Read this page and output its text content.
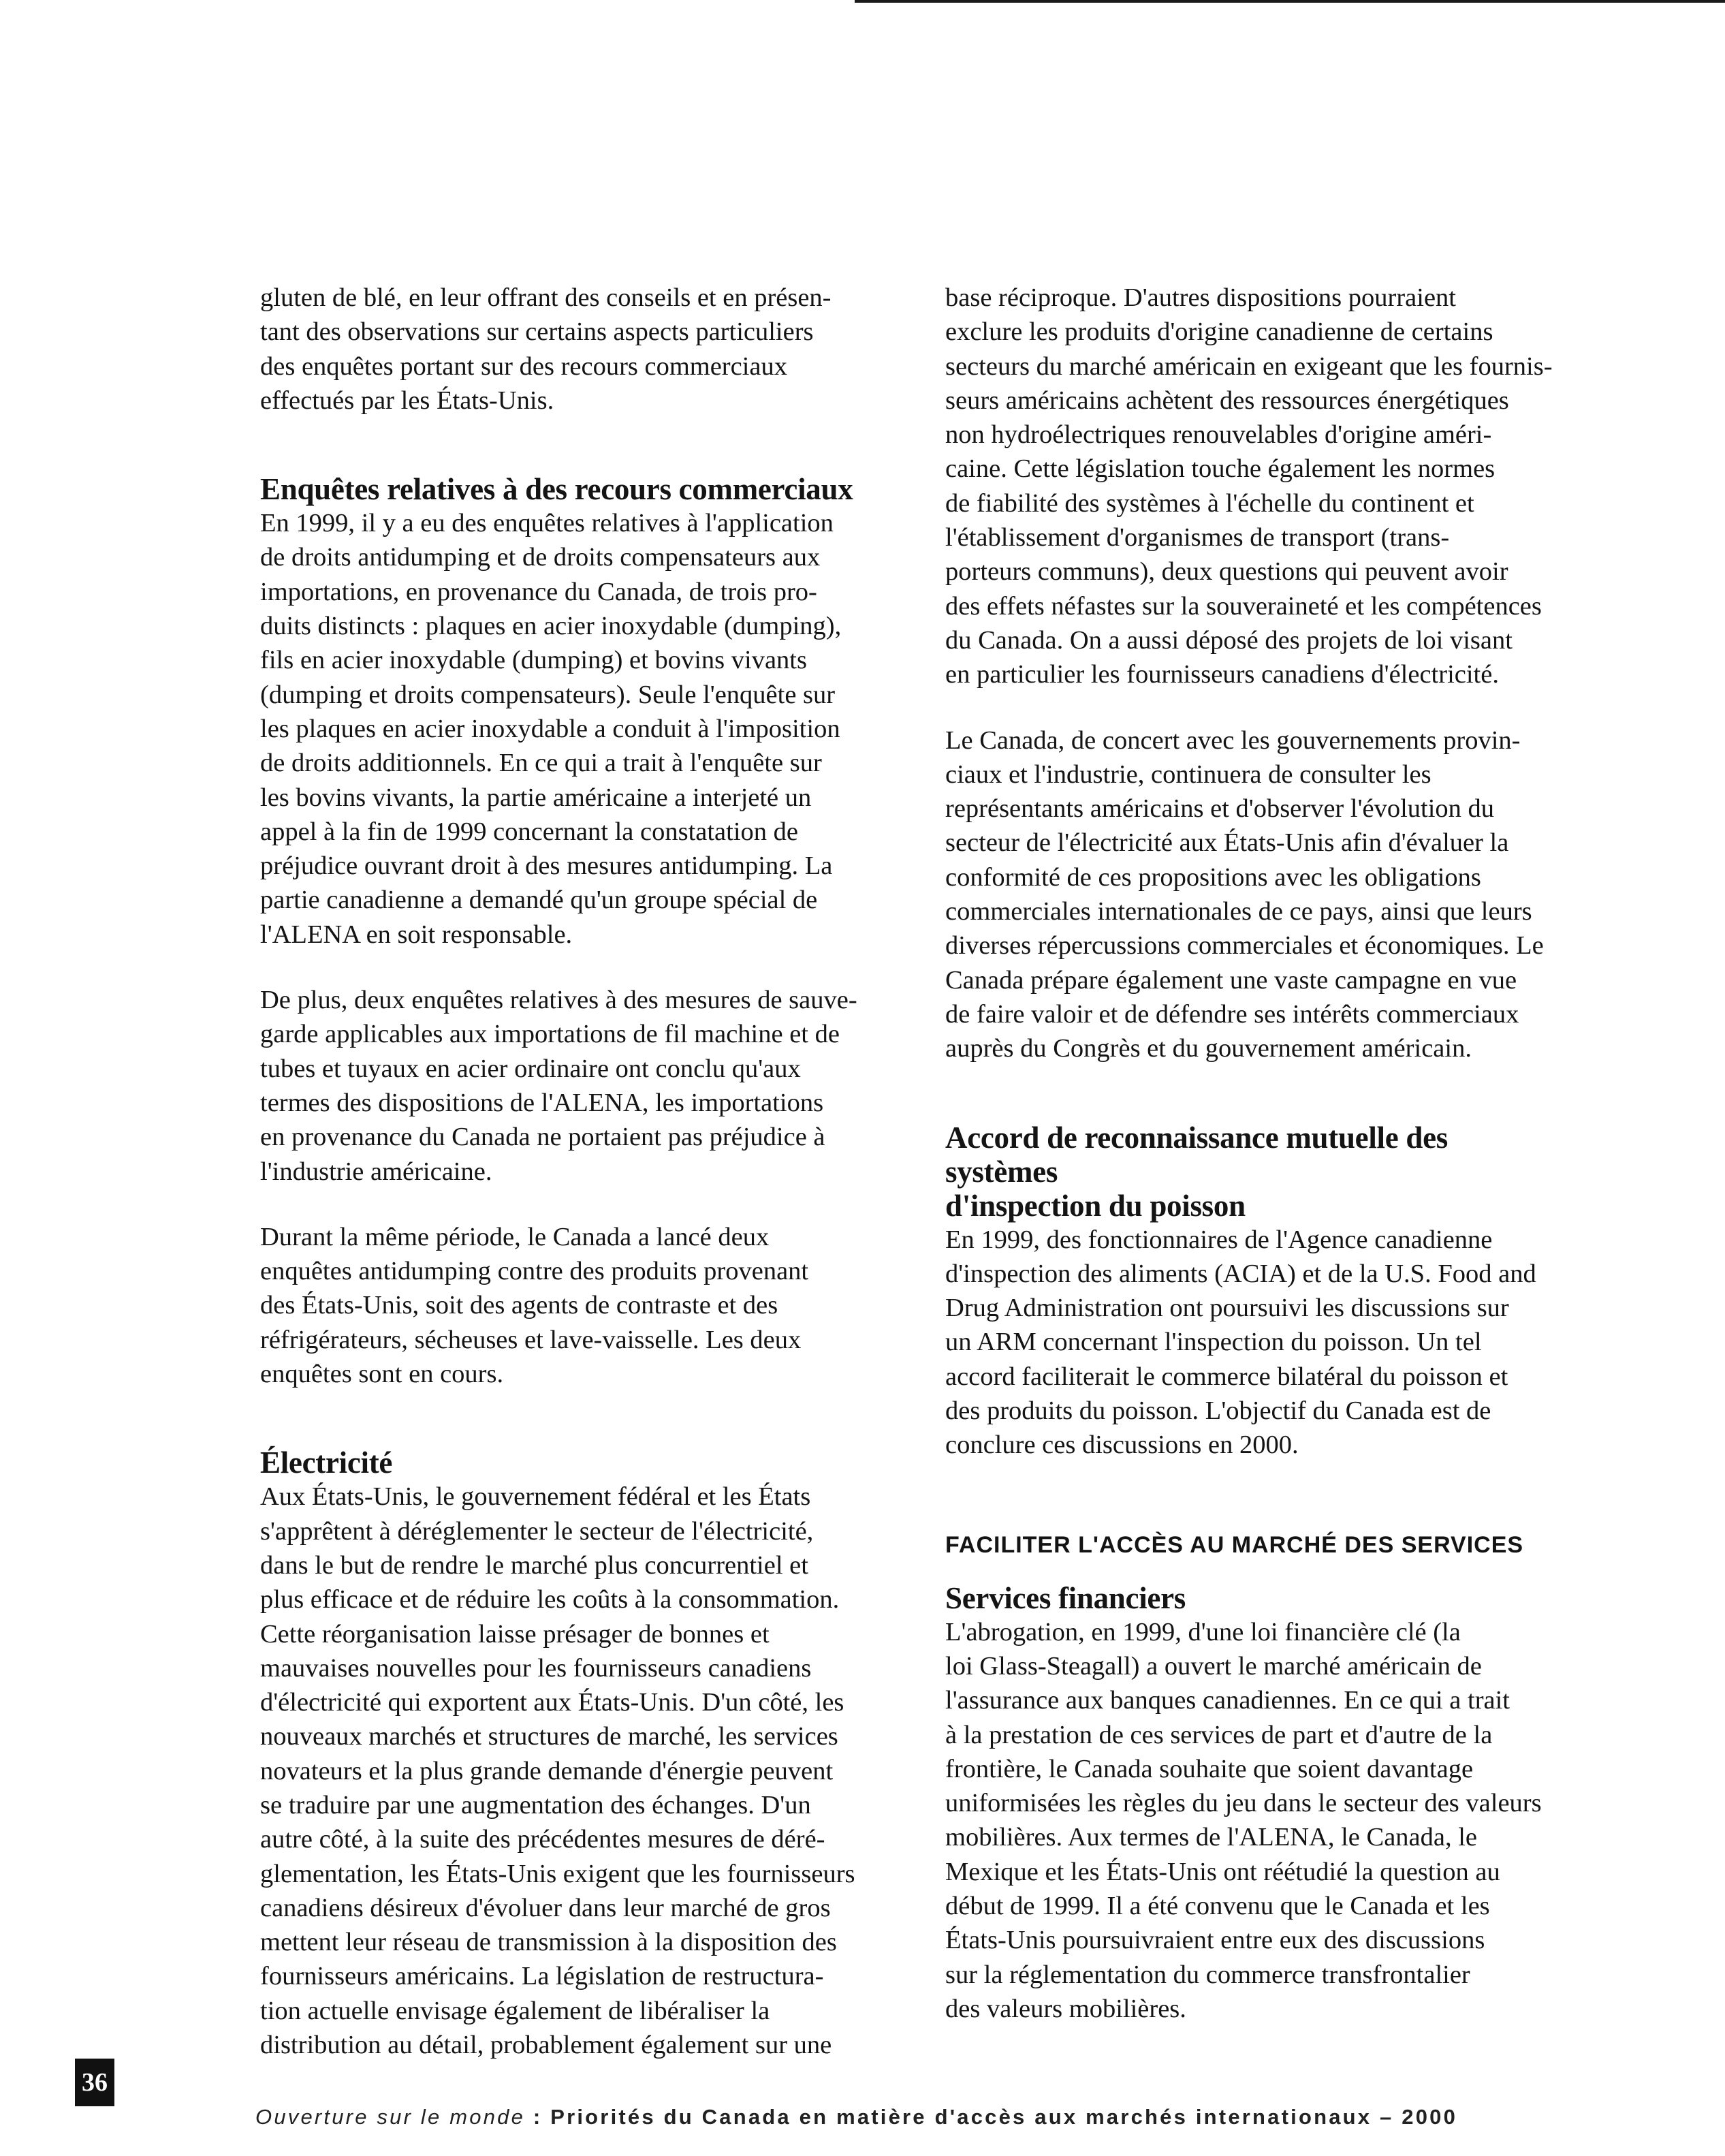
gluten de blé, en leur offrant des conseils et en présen-
tant des observations sur certains aspects particuliers
des enquêtes portant sur des recours commerciaux
effectués par les États-Unis.

Enquêtes relatives à des recours commerciaux

En 1999, il y a eu des enquêtes relatives à l'application
de droits antidumping et de droits compensateurs aux
importations, en provenance du Canada, de trois pro-
duits distincts : plaques en acier inoxydable (dumping),
fils en acier inoxydable (dumping) et bovins vivants
(dumping et droits compensateurs). Seule l'enquête sur
les plaques en acier inoxydable a conduit à l'imposition
de droits additionnels. En ce qui a trait à l'enquête sur
les bovins vivants, la partie américaine a interjeté un
appel à la fin de 1999 concernant la constatation de
préjudice ouvrant droit à des mesures antidumping. La
partie canadienne a demandé qu'un groupe spécial de
l'ALENA en soit responsable.

De plus, deux enquêtes relatives à des mesures de sauve-
garde applicables aux importations de fil machine et de
tubes et tuyaux en acier ordinaire ont conclu qu'aux
termes des dispositions de l'ALENA, les importations
en provenance du Canada ne portaient pas préjudice à
l'industrie américaine.

Durant la même période, le Canada a lancé deux
enquêtes antidumping contre des produits provenant
des États-Unis, soit des agents de contraste et des
réfrigérateurs, sécheuses et lave-vaisselle. Les deux
enquêtes sont en cours.

Électricité

Aux États-Unis, le gouvernement fédéral et les États
s'apprêtent à déréglementer le secteur de l'électricité,
dans le but de rendre le marché plus concurrentiel et
plus efficace et de réduire les coûts à la consommation.
Cette réorganisation laisse présager de bonnes et
mauvaises nouvelles pour les fournisseurs canadiens
d'électricité qui exportent aux États-Unis. D'un côté, les
nouveaux marchés et structures de marché, les services
novateurs et la plus grande demande d'énergie peuvent
se traduire par une augmentation des échanges. D'un
autre côté, à la suite des précédentes mesures de déré-
glementation, les États-Unis exigent que les fournisseurs
canadiens désireux d'évoluer dans leur marché de gros
mettent leur réseau de transmission à la disposition des
fournisseurs américains. La législation de restructura-
tion actuelle envisage également de libéraliser la
distribution au détail, probablement également sur une

base réciproque. D'autres dispositions pourraient
exclure les produits d'origine canadienne de certains
secteurs du marché américain en exigeant que les fournis-
seurs américains achètent des ressources énergétiques
non hydroélectriques renouvelables d'origine améri-
caine. Cette législation touche également les normes
de fiabilité des systèmes à l'échelle du continent et
l'établissement d'organismes de transport (trans-
porteurs communs), deux questions qui peuvent avoir
des effets néfastes sur la souveraineté et les compétences
du Canada. On a aussi déposé des projets de loi visant
en particulier les fournisseurs canadiens d'électricité.

Le Canada, de concert avec les gouvernements provin-
ciaux et l'industrie, continuera de consulter les
représentants américains et d'observer l'évolution du
secteur de l'électricité aux États-Unis afin d'évaluer la
conformité de ces propositions avec les obligations
commerciales internationales de ce pays, ainsi que leurs
diverses répercussions commerciales et économiques. Le
Canada prépare également une vaste campagne en vue
de faire valoir et de défendre ses intérêts commerciaux
auprès du Congrès et du gouvernement américain.

Accord de reconnaissance mutuelle des systèmes
d'inspection du poisson

En 1999, des fonctionnaires de l'Agence canadienne
d'inspection des aliments (ACIA) et de la U.S. Food and
Drug Administration ont poursuivi les discussions sur
un ARM concernant l'inspection du poisson. Un tel
accord faciliterait le commerce bilatéral du poisson et
des produits du poisson. L'objectif du Canada est de
conclure ces discussions en 2000.

FACILITER L'ACCÈS AU MARCHÉ DES SERVICES
Services financiers

L'abrogation, en 1999, d'une loi financière clé (la
loi Glass-Steagall) a ouvert le marché américain de
l'assurance aux banques canadiennes. En ce qui a trait
à la prestation de ces services de part et d'autre de la
frontière, le Canada souhaite que soient davantage
uniformisées les règles du jeu dans le secteur des valeurs
mobilières. Aux termes de l'ALENA, le Canada, le
Mexique et les États-Unis ont réétudié la question au
début de 1999. Il a été convenu que le Canada et les
États-Unis poursuivraient entre eux des discussions
sur la réglementation du commerce transfrontalier
des valeurs mobilières.

36
Ouverture sur le monde : Priorités du Canada en matière d'accès aux marchés internationaux – 2000
